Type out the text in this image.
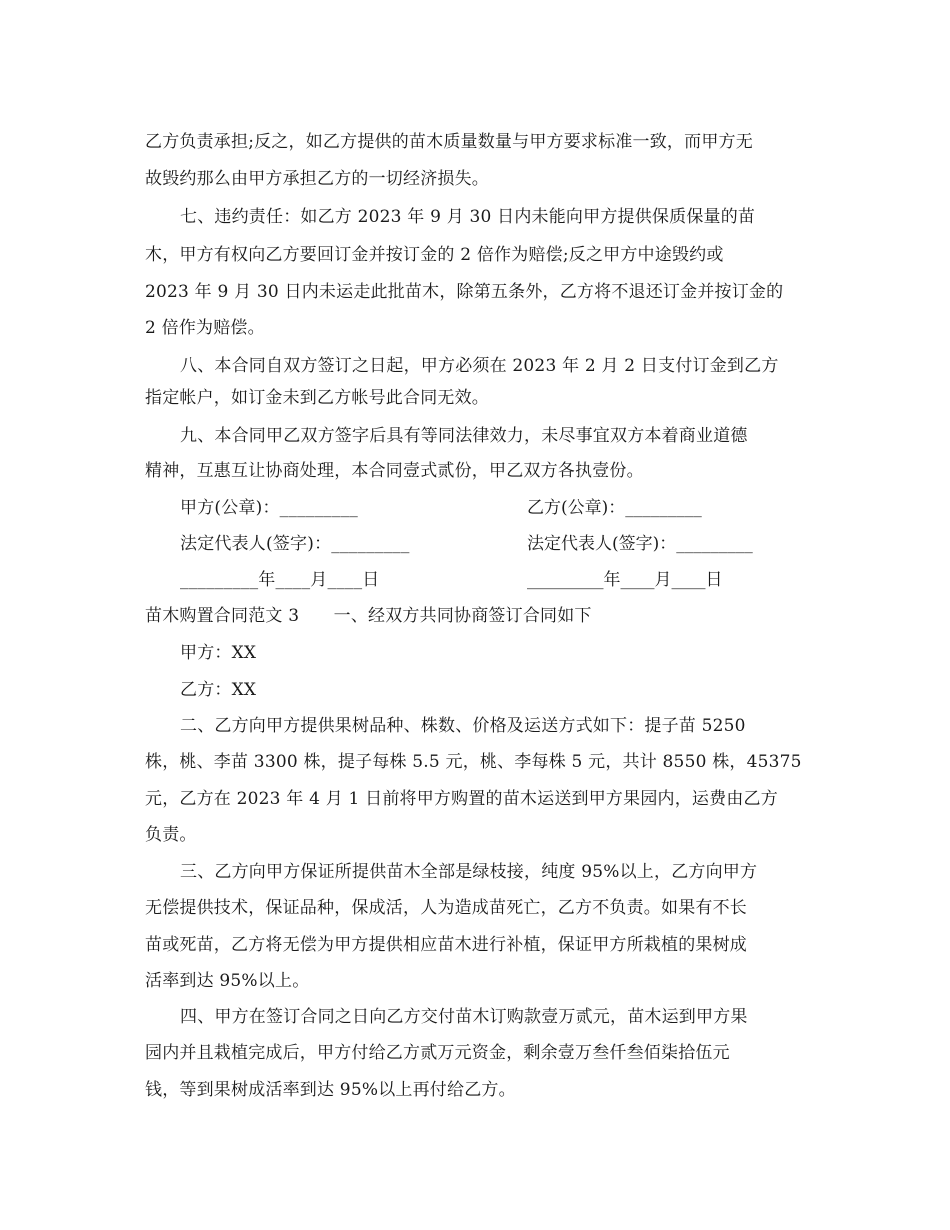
乙方负责承担;反之，如乙方提供的苗木质量数量与甲方要求标准一致，而甲方无
故毁约那么由甲方承担乙方的一切经济损失。
七、违约责任：如乙方 2023 年 9 月 30 日内未能向甲方提供保质保量的苗
木，甲方有权向乙方要回订金并按订金的 2 倍作为赔偿;反之甲方中途毁约或
2023 年 9 月 30 日内未运走此批苗木，除第五条外，乙方将不退还订金并按订金的
2 倍作为赔偿。
八、本合同自双方签订之日起，甲方必须在 2023 年 2 月 2 日支付订金到乙方
指定帐户，如订金未到乙方帐号此合同无效。
九、本合同甲乙双方签字后具有等同法律效力，未尽事宜双方本着商业道德
精神，互惠互让协商处理，本合同壹式贰份，甲乙双方各执壹份。
甲方(公章)：_________	乙方(公章)：_________
法定代表人(签字)：_________	法定代表人(签字)：_________
_________年____月____日	_________年____月____日
苗木购置合同范文 3　　一、经双方共同协商签订合同如下
甲方：XX
乙方：XX
二、乙方向甲方提供果树品种、株数、价格及运送方式如下：提子苗 5250
株，桃、李苗 3300 株，提子每株 5.5 元，桃、李每株 5 元，共计 8550 株，45375
元，乙方在 2023 年 4 月 1 日前将甲方购置的苗木运送到甲方果园内，运费由乙方
负责。
三、乙方向甲方保证所提供苗木全部是绿枝接，纯度 95%以上，乙方向甲方
无偿提供技术，保证品种，保成活，人为造成苗死亡，乙方不负责。如果有不长
苗或死苗，乙方将无偿为甲方提供相应苗木进行补植，保证甲方所栽植的果树成
活率到达 95%以上。
四、甲方在签订合同之日向乙方交付苗木订购款壹万贰元，苗木运到甲方果
园内并且栽植完成后，甲方付给乙方贰万元资金，剩余壹万叁仟叁佰柒拾伍元
钱，等到果树成活率到达 95%以上再付给乙方。
